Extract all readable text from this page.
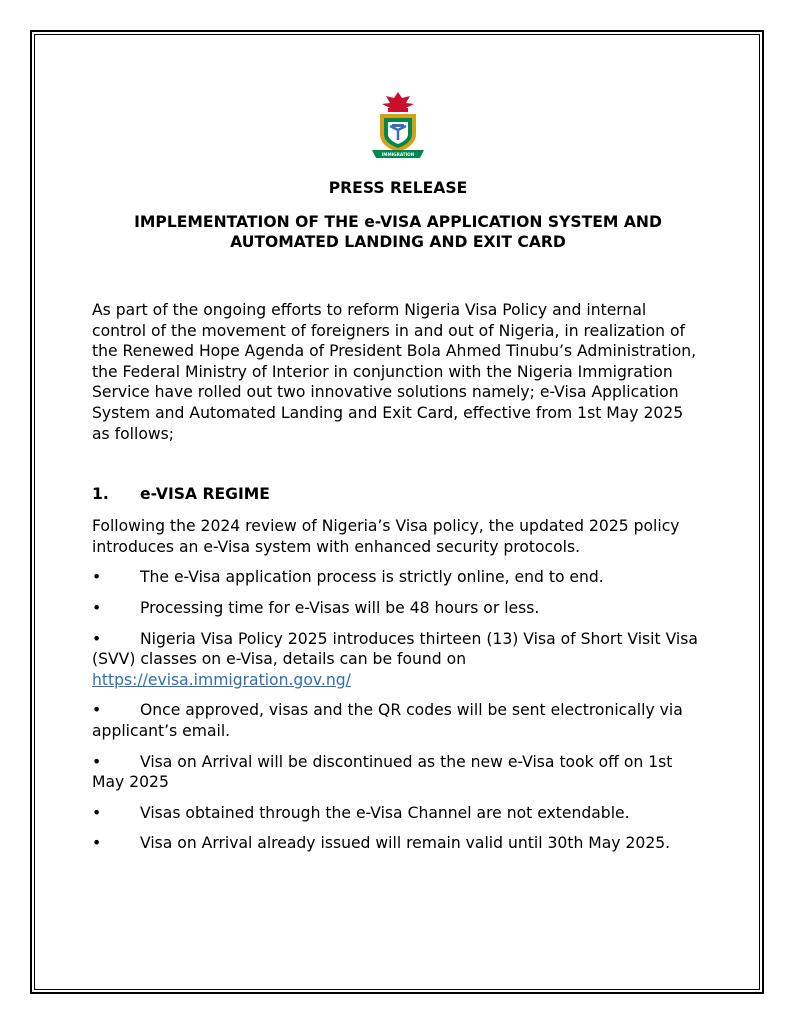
IMMIGRATION

PRESS RELEASE

IMPLEMENTATION OF THE e-VISA APPLICATION SYSTEM AND

AUTOMATED LANDING AND EXIT CARD

As part of the ongoing efforts to reform Nigeria Visa Policy and internal control of the movement of foreigners in and out of Nigeria, in realization of the Renewed Hope Agenda of President Bola Ahmed Tinubu’s Administration, the Federal Ministry of Interior in conjunction with the Nigeria Immigration Service have rolled out two innovative solutions namely; e-Visa Application System and Automated Landing and Exit Card, effective from 1st May 2025 as follows;

1.	e-VISA REGIME

Following the 2024 review of Nigeria’s Visa policy, the updated 2025 policy introduces an e-Visa system with enhanced security protocols.

• The e-Visa application process is strictly online, end to end.

• Processing time for e-Visas will be 48 hours or less.

• Nigeria Visa Policy 2025 introduces thirteen (13) Visa of Short Visit Visa (SVV) classes on e-Visa, details can be found on
https://evisa.immigration.gov.ng/

• Once approved, visas and the QR codes will be sent electronically via applicant’s email.

• Visa on Arrival will be discontinued as the new e-Visa took off on 1st May 2025

• Visas obtained through the e-Visa Channel are not extendable.

• Visa on Arrival already issued will remain valid until 30th May 2025.
